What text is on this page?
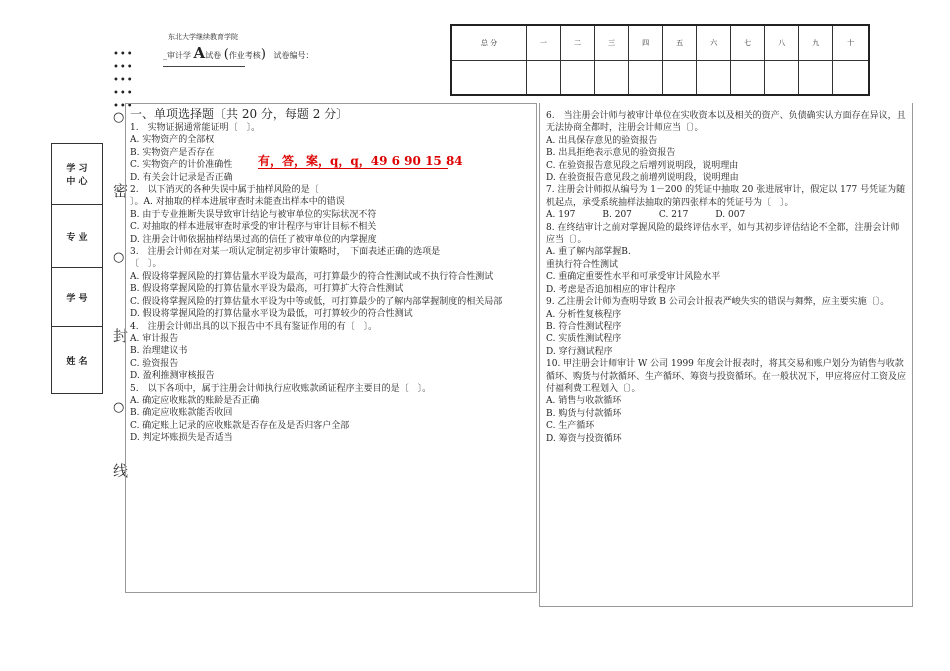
东北大学继续教育学院
_审计学 A试卷 (作业考核) 试卷编号：
总 分	一	二	三	四	五	六	七	八	九	十

•••
•••
•••
•••
•••
○
○
○
密
封
线
学 习
中 心
专 业
学 号
姓 名
一、单项选择题〔共 20 分，每题 2 分〕
1.　实物证据通常能证明〔　〕。
A. 实物资产的全部权
B. 实物资产是否存在
C. 实物资产的计价准确性
D. 有关会计记录是否正确
2.　以下消灭的各种失误中属于抽样风险的是〔
〕。A. 对抽取的样本进展审查时未能查出样本中的错误
B. 由于专业推断失误导致审计结论与被审单位的实际状况不符
C. 对抽取的样本进展审查时承受的审计程序与审计目标不相关
D. 注册会计师依据抽样结果过高的信任了被审单位的内掌握度
3.　注册会计师在对某一项认定制定初步审计策略时，　下面表述正确的选项是
〔　〕。
A. 假设将掌握风险的打算估量水平设为最高，可打算最少的符合性测试或不执行符合性测试
B. 假设将掌握风险的打算估量水平设为最高，可打算扩大符合性测试
C. 假设将掌握风险的打算估量水平设为中等或低，可打算最少的了解内部掌握制度的相关局部
D. 假设将掌握风险的打算估量水平设为最低，可打算较少的符合性测试
4.　注册会计师出具的以下报告中不具有鉴证作用的有〔　〕。
A. 审计报告
B. 治理建议书
C. 验资报告
D. 盈利推测审核报告
5.　以下各项中，属于注册会计师执行应收账款函证程序主要目的是〔　〕。
A. 确定应收账款的账龄是否正确
B. 确定应收账款能否收回
C. 确定账上记录的应收账款是否存在及是否归客户全部
D. 判定坏账损失是否适当
有，答，案，q，q，49 6 90 15 84
6.　当注册会计师与被审计单位在实收资本以及相关的资产、负债确实认方面存在异议，且无法协商全都时，注册会计师应当〔〕。
A. 出具保存意见的验资报告
B. 出具拒绝表示意见的验资报告
C. 在验资报告意见段之后增列说明段，说明理由
D. 在验资报告意见段之前增列说明段，说明理由
7. 注册会计师拟从编号为 1－200 的凭证中抽取 20 张进展审计，假定以 177 号凭证为随机起点，承受系统抽样法抽取的第四张样本的凭证号为〔　〕。
A. 197　　　B. 207　　　C. 217　　　D. 007
8. 在终结审计之前对掌握风险的最终评估水平，如与其初步评估结论不全都，注册会计师应当〔〕。
A. 重了解内部掌握B.
重执行符合性测试
C. 重确定重要性水平和可承受审计风险水平
D. 考虑是否追加相应的审计程序
9. 乙注册会计师为查明导致 B 公司会计报表严峻失实的错误与舞弊，应主要实施〔〕。
A. 分析性复核程序
B. 符合性测试程序
C. 实质性测试程序
D. 穿行测试程序
10. 甲注册会计师审计 W 公司 1999 年度会计报表时，将其交易和账户划分为销售与收款循环、购货与付款循环、生产循环、筹资与投资循环。在一般状况下，甲应将应付工资及应付福利费工程划入〔〕。
A. 销售与收款循环
B. 购货与付款循环
C. 生产循环
D. 筹资与投资循环
